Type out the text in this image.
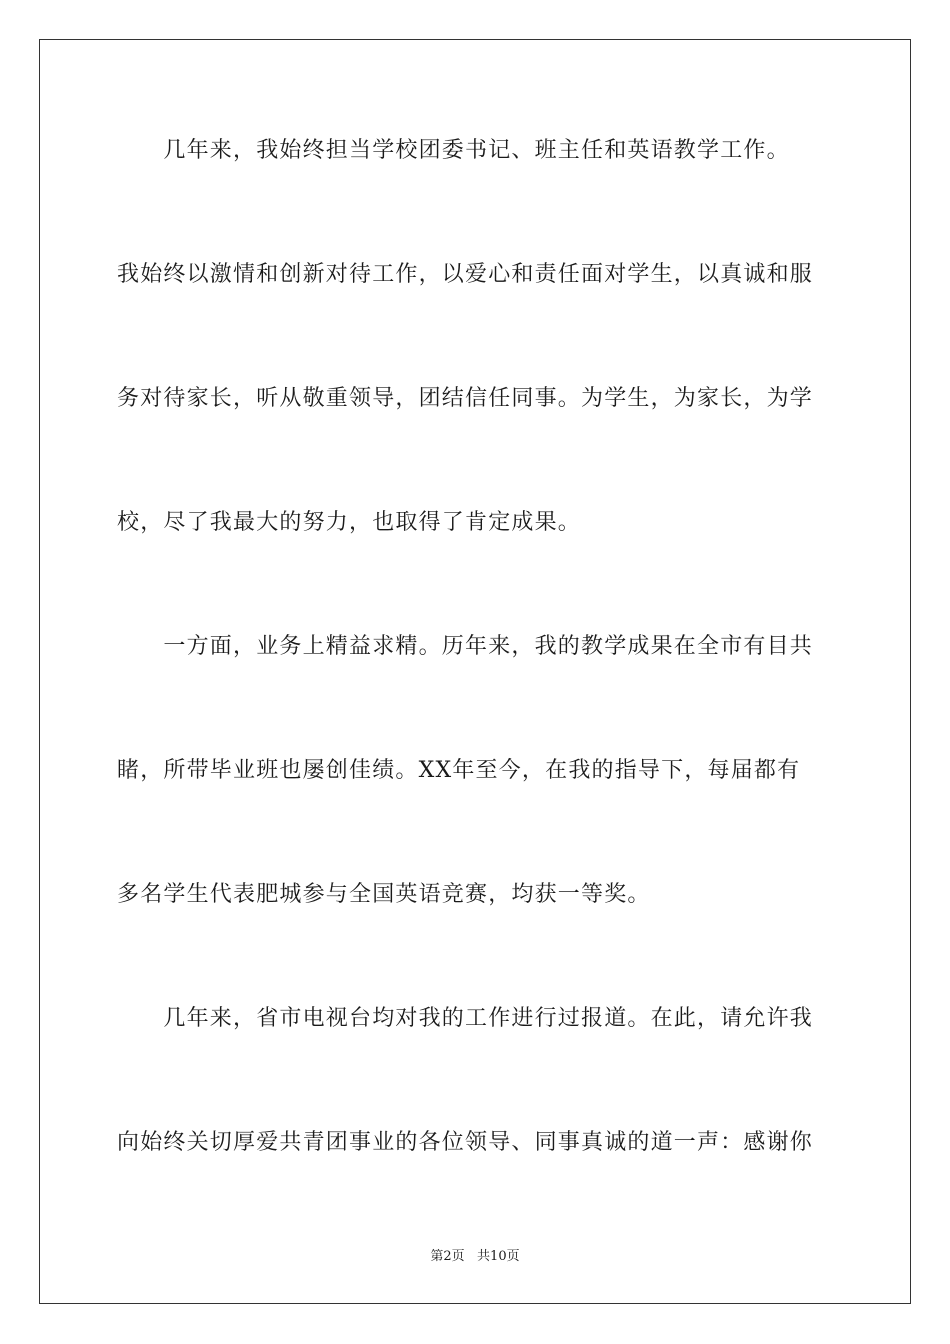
　　几年来，我始终担当学校团委书记、班主任和英语教学工作。
我始终以激情和创新对待工作，以爱心和责任面对学生，以真诚和服
务对待家长，听从敬重领导，团结信任同事。为学生，为家长，为学
校，尽了我最大的努力，也取得了肯定成果。
　　一方面，业务上精益求精。历年来，我的教学成果在全市有目共
睹，所带毕业班也屡创佳绩。XX年至今，在我的指导下，每届都有
多名学生代表肥城参与全国英语竞赛，均获一等奖。
　　几年来，省市电视台均对我的工作进行过报道。在此，请允许我
向始终关切厚爱共青团事业的各位领导、同事真诚的道一声：感谢你
第2页   共10页
